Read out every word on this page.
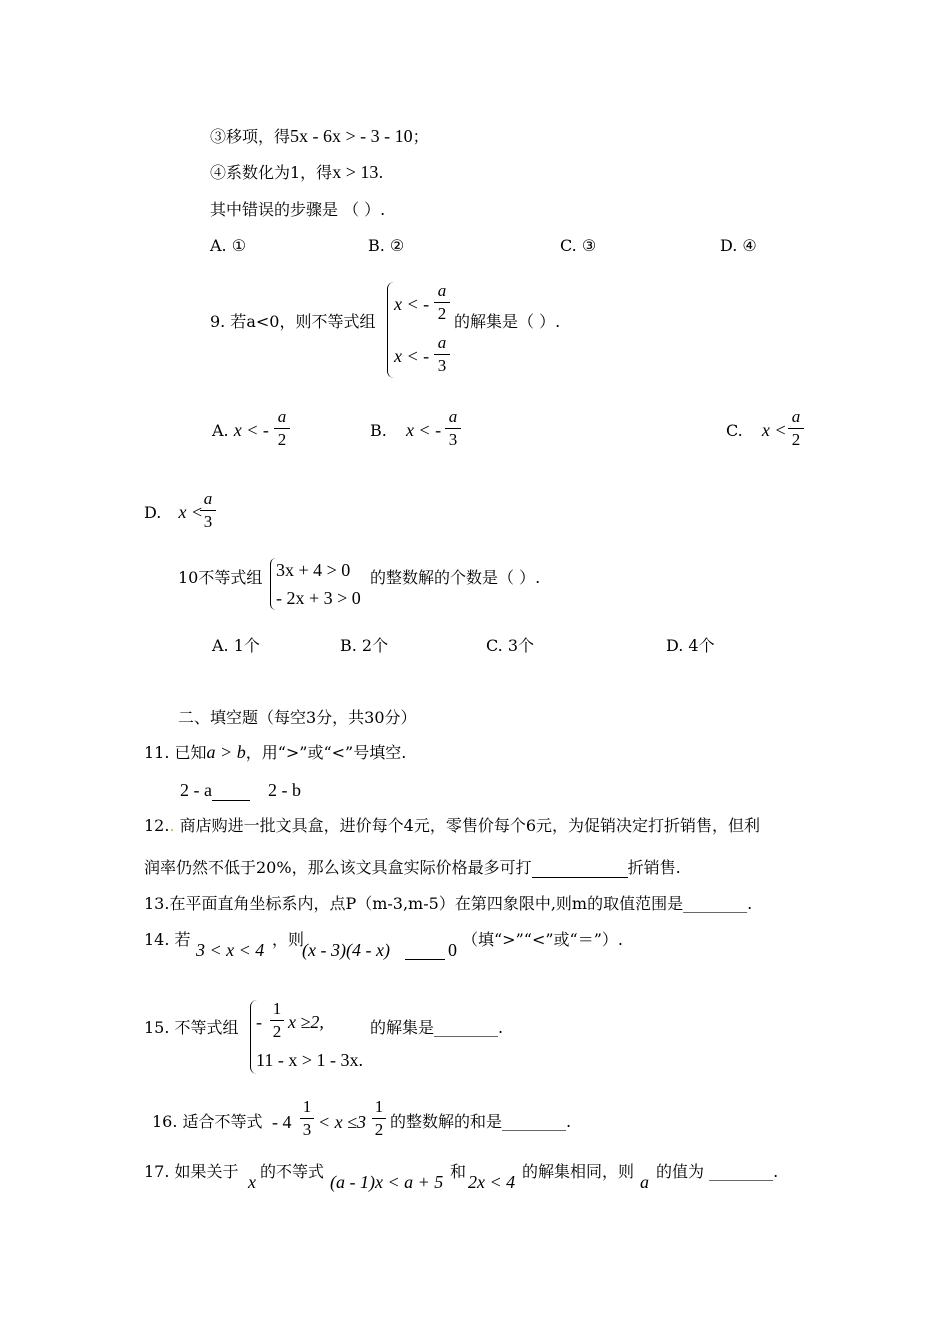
③移项，得5x - 6x > - 3 - 10；
④系数化为1，得x > 13.
其中错误的步骤是 （ ）.
A. ①	B. ②	C. ③	D. ④
9. 若a<0，则不等式组
x < -
a
2
x < -
a
3
的解集是（ ）.
A. x < -
a
2	B. x < -
a
3	C. x <
a
2
D. x <
a
3
10不等式组 3x + 4 > 0
- 2x + 3 > 0
的整数解的个数是（ ）.
A. 1个	B. 2个	C. 3个	D. 4个
二、填空题（每空3分，共30分）
11. 已知a > b，用“>”或“<”号填空.
2 - a	2 - b
12.. 商店购进一批文具盒，进价每个4元，零售价每个6元，为促销决定打折销售，但利
润率仍然不低于20%，那么该文具盒实际价格最多可打	折销售.
13.在平面直角坐标系内，点P（m-3,m-5）在第四象限中,则m的取值范围是________.
14. 若
3 < x < 4
，则
(x - 3)(4 - x)	0
（填“>”“<”或“＝”）.
15. 不等式组 -
1
2 x ≥2,
11 - x > 1 - 3x.
的解集是________.
16. 适合不等式 - 4
1
3 < x ≤3
1
2 的整数解的和是________.
17. 如果关于
x
的不等式
(a - 1)x < a + 5
和
2x < 4
的解集相同，则
a
的值为 ________.
